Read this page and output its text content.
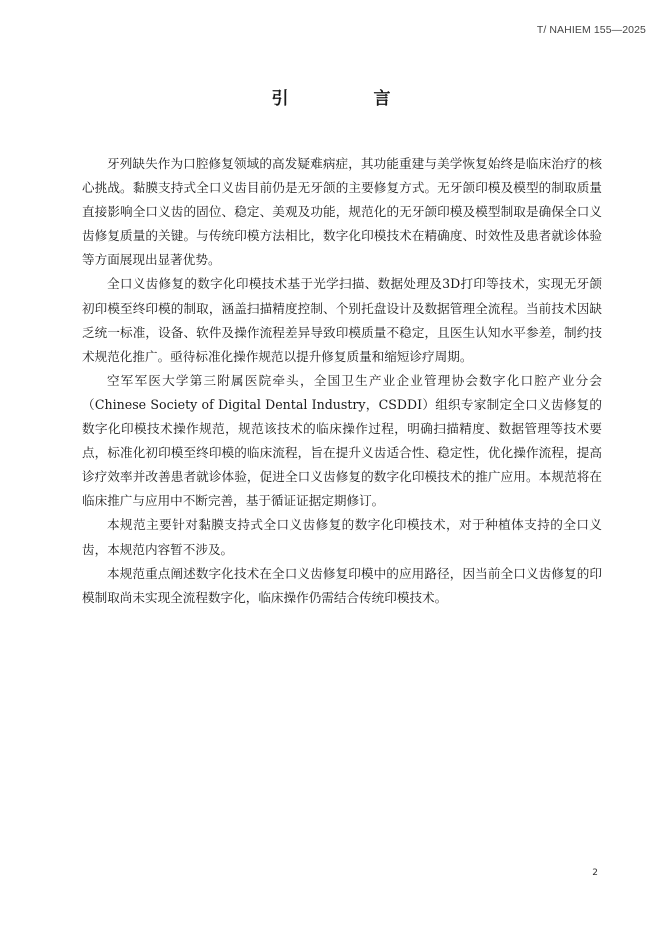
T/ NAHIEM 155—2025
引　言

牙列缺失作为口腔修复领域的高发疑难病症，其功能重建与美学恢复始终是临床治疗的核心挑战。黏膜支持式全口义齿目前仍是无牙颌的主要修复方式。无牙颌印模及模型的制取质量直接影响全口义齿的固位、稳定、美观及功能，规范化的无牙颌印模及模型制取是确保全口义齿修复质量的关键。与传统印模方法相比，数字化印模技术在精确度、时效性及患者就诊体验等方面展现出显著优势。

全口义齿修复的数字化印模技术基于光学扫描、数据处理及3D打印等技术，实现无牙颌初印模至终印模的制取，涵盖扫描精度控制、个别托盘设计及数据管理全流程。当前技术因缺乏统一标准，设备、软件及操作流程差异导致印模质量不稳定，且医生认知水平参差，制约技术规范化推广。亟待标准化操作规范以提升修复质量和缩短诊疗周期。

空军军医大学第三附属医院牵头，全国卫生产业企业管理协会数字化口腔产业分会（Chinese Society of Digital Dental Industry，CSDDI）组织专家制定全口义齿修复的数字化印模技术操作规范，规范该技术的临床操作过程，明确扫描精度、数据管理等技术要点，标准化初印模至终印模的临床流程，旨在提升义齿适合性、稳定性，优化操作流程，提高诊疗效率并改善患者就诊体验，促进全口义齿修复的数字化印模技术的推广应用。本规范将在临床推广与应用中不断完善，基于循证证据定期修订。

本规范主要针对黏膜支持式全口义齿修复的数字化印模技术，对于种植体支持的全口义齿，本规范内容暂不涉及。

本规范重点阐述数字化技术在全口义齿修复印模中的应用路径，因当前全口义齿修复的印模制取尚未实现全流程数字化，临床操作仍需结合传统印模技术。

2
